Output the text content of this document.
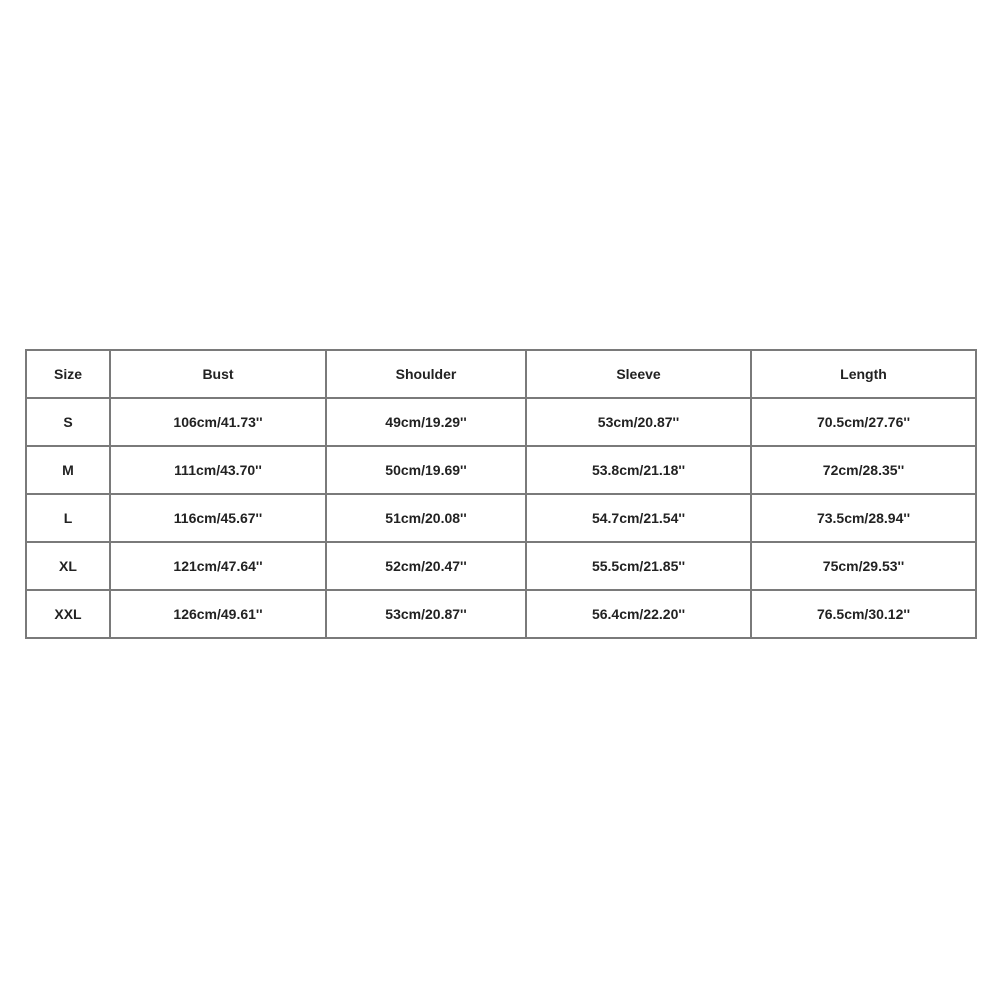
Size	Bust	Shoulder	Sleeve	Length
S	106cm/41.73''	49cm/19.29''	53cm/20.87''	70.5cm/27.76''
M	111cm/43.70''	50cm/19.69''	53.8cm/21.18''	72cm/28.35''
L	116cm/45.67''	51cm/20.08''	54.7cm/21.54''	73.5cm/28.94''
XL	121cm/47.64''	52cm/20.47''	55.5cm/21.85''	75cm/29.53''
XXL	126cm/49.61''	53cm/20.87''	56.4cm/22.20''	76.5cm/30.12''
